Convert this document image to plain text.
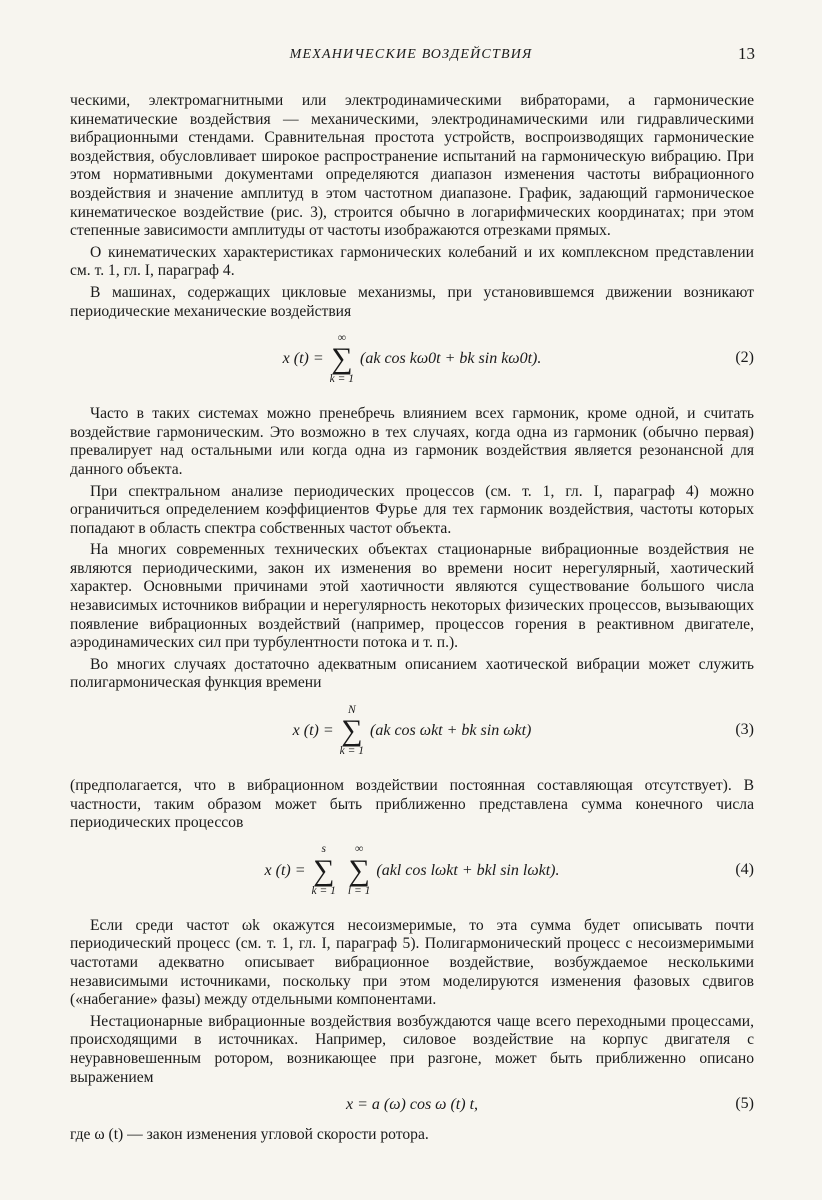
МЕХАНИЧЕСКИЕ ВОЗДЕЙСТВИЯ	13

ческими, электромагнитными или электродинамическими вибраторами, а гармонические кинематические воздействия — механическими, электродинамическими или гидравлическими вибрационными стендами. Сравнительная простота устройств, воспроизводящих гармонические воздействия, обусловливает широкое распространение испытаний на гармоническую вибрацию. При этом нормативными документами определяются диапазон изменения частоты вибрационного воздействия и значение амплитуд в этом частотном диапазоне. График, задающий гармоническое кинематическое воздействие (рис. 3), строится обычно в логарифмических координатах; при этом степенные зависимости амплитуды от частоты изображаются отрезками прямых.

О кинематических характеристиках гармонических колебаний и их комплексном представлении см. т. 1, гл. I, параграф 4.

В машинах, содержащих цикловые механизмы, при установившемся движении возникают периодические механические воздействия

x (t) =
∞
∑
k = 1
(ak cos kω0t + bk sin kω0t).	(2)

Часто в таких системах можно пренебречь влиянием всех гармоник, кроме одной, и считать воздействие гармоническим. Это возможно в тех случаях, когда одна из гармоник (обычно первая) превалирует над остальными или когда одна из гармоник воздействия является резонансной для данного объекта.

При спектральном анализе периодических процессов (см. т. 1, гл. I, параграф 4) можно ограничиться определением коэффициентов Фурье для тех гармоник воздействия, частоты которых попадают в область спектра собственных частот объекта.

На многих современных технических объектах стационарные вибрационные воздействия не являются периодическими, закон их изменения во времени носит нерегулярный, хаотический характер. Основными причинами этой хаотичности являются существование большого числа независимых источников вибрации и нерегулярность некоторых физических процессов, вызывающих появление вибрационных воздействий (например, процессов горения в реактивном двигателе, аэродинамических сил при турбулентности потока и т. п.).

Во многих случаях достаточно адекватным описанием хаотической вибрации может служить полигармоническая функция времени

x (t) =
N
∑
k = 1
(ak cos ωkt + bk sin ωkt)	(3)

(предполагается, что в вибрационном воздействии постоянная составляющая отсутствует). В частности, таким образом может быть приближенно представлена сумма конечного числа периодических процессов

x (t) =
s
∑
k = 1
∞
∑
l = 1
(akl cos lωkt + bkl sin lωkt).	(4)

Если среди частот ωk окажутся несоизмеримые, то эта сумма будет описывать почти периодический процесс (см. т. 1, гл. I, параграф 5). Полигармонический процесс с несоизмеримыми частотами адекватно описывает вибрационное воздействие, возбуждаемое несколькими независимыми источниками, поскольку при этом моделируются изменения фазовых сдвигов («набегание» фазы) между отдельными компонентами.

Нестационарные вибрационные воздействия возбуждаются чаще всего переходными процессами, происходящими в источниках. Например, силовое воздействие на корпус двигателя с неуравновешенным ротором, возникающее при разгоне, может быть приближенно описано выражением

x = a (ω) cos ω (t) t,	(5)

где ω (t) — закон изменения угловой скорости ротора.
